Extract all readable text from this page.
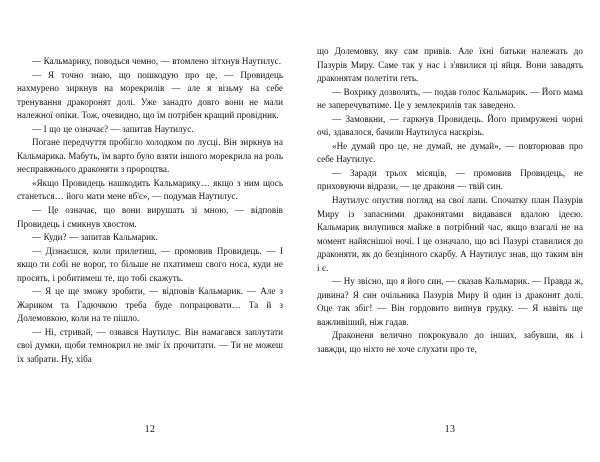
— Кальмарику, поводься чемно, — втомлено зітхнув Наутилус.

— Я точно знаю, що пошкодую про це, — Провидець нахмурено зиркнув на морекрилів — але я візьму на себе тренування дракоронят долі. Уже занадто довго вони не мали належної опіки. Тож, очевидно, що їм потрібен кращий провідник.

— І що це означає? — запитав Наутилус.

Погане передчуття пробігло холодком по лусці. Він зиркнув на Кальмарика. Мабуть, їм варто було взяти іншого морекрила на роль несправжнього драконяти з пророцтва.

«Якщо Провидець нашкодить Кальмарику… якщо з ним щось станеться… його мати мене вб'є», — подумав Наутилус.

— Це означає, що вони вирушать зі мною, — відповів Провидець і смикнув хвостом.

— Куди? — запитав Кальмарик.

— Дізнаєшся, коли прилетиш, — промовив Провидець. — І якщо ти собі не ворог, то більше не пхатимеш свого носа, куди не просять, і робитимеш те, що тобі скажуть.

— Я це ще зможу зробити, — відповів Кальмарик. — Але з Жариком та Гадючкою треба буде попрацювати… Та й з Долемовкою, коли на те пішло.

— Ні, стривай, — озвався Наутилус. Він намагався заплутати свої думки, щоби темнокрил не зміг їх прочитати. — Ти не можеш їх забрати. Ну, хіба

12

що Долемовку, яку сам привів. Але їхні батьки належать до Пазурів Миру. Саме так у нас і з'явилися ці яйця. Вони завадять драконятам полетіти геть.

— Вохрику дозволять, — подав голос Кальмарик. — Його мама не заперечуватиме. Це у землекрилів так заведено.

— Замовкни, — гаркнув Провидець. Його примружені чорні очі, здавалося, бачили Наутилуса наскрізь.

«Не думай про це, не думай, не думай», — повторював про себе Наутилус.

— Заради трьох місяців, — промовив Провидець, не приховуючи відрази, — це драконя — твій син.

Наутилус опустив погляд на свої лапи. Спочатку план Пазурів Миру із запасними драконятами видавався вдалою ідеєю. Кальмарик вилупився майже в потрібний час, якщо взагалі не на момент найяснішої ночі. І це означало, що всі Пазурі ставилися до драконяти, як до безцінного скарбу. А Наутилус знав, що таким він і є.

— Ну звісно, що я його син, — сказав Кальмарик. — Правда ж, дивина? Я син очільника Пазурів Миру й один із драконят долі. Оце так збіг! — Він гордовито випнув грудку. — Я навіть ще важливіший, ніж гадав.

Драконеня велично покрокувало до інших, забувши, як і завжди, що ніхто не хоче слухати про те,

13
